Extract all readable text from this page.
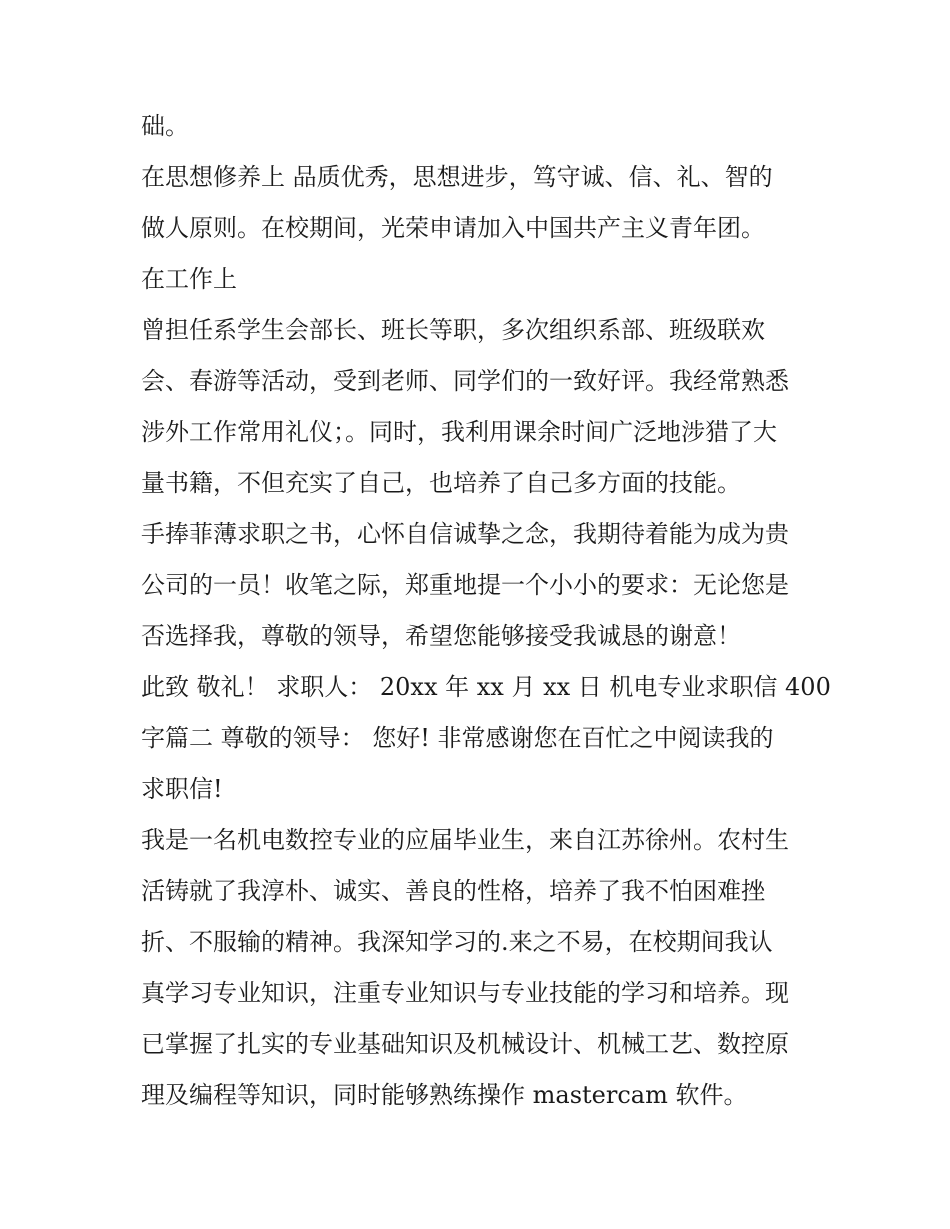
础。
在思想修养上 品质优秀，思想进步，笃守诚、信、礼、智的
做人原则。在校期间，光荣申请加入中国共产主义青年团。
在工作上
曾担任系学生会部长、班长等职，多次组织系部、班级联欢
会、春游等活动，受到老师、同学们的一致好评。我经常熟悉
涉外工作常用礼仪；。同时，我利用课余时间广泛地涉猎了大
量书籍，不但充实了自己，也培养了自己多方面的技能。
手捧菲薄求职之书，心怀自信诚挚之念，我期待着能为成为贵
公司的一员！收笔之际，郑重地提一个小小的要求：无论您是
否选择我，尊敬的领导，希望您能够接受我诚恳的谢意！
此致 敬礼！ 求职人： 20xx 年 xx 月 xx 日 机电专业求职信 400
字篇二 尊敬的领导： 您好! 非常感谢您在百忙之中阅读我的
求职信!
我是一名机电数控专业的应届毕业生，来自江苏徐州。农村生
活铸就了我淳朴、诚实、善良的性格，培养了我不怕困难挫
折、不服输的精神。我深知学习的.来之不易，在校期间我认
真学习专业知识，注重专业知识与专业技能的学习和培养。现
已掌握了扎实的专业基础知识及机械设计、机械工艺、数控原
理及编程等知识，同时能够熟练操作 mastercam 软件。
